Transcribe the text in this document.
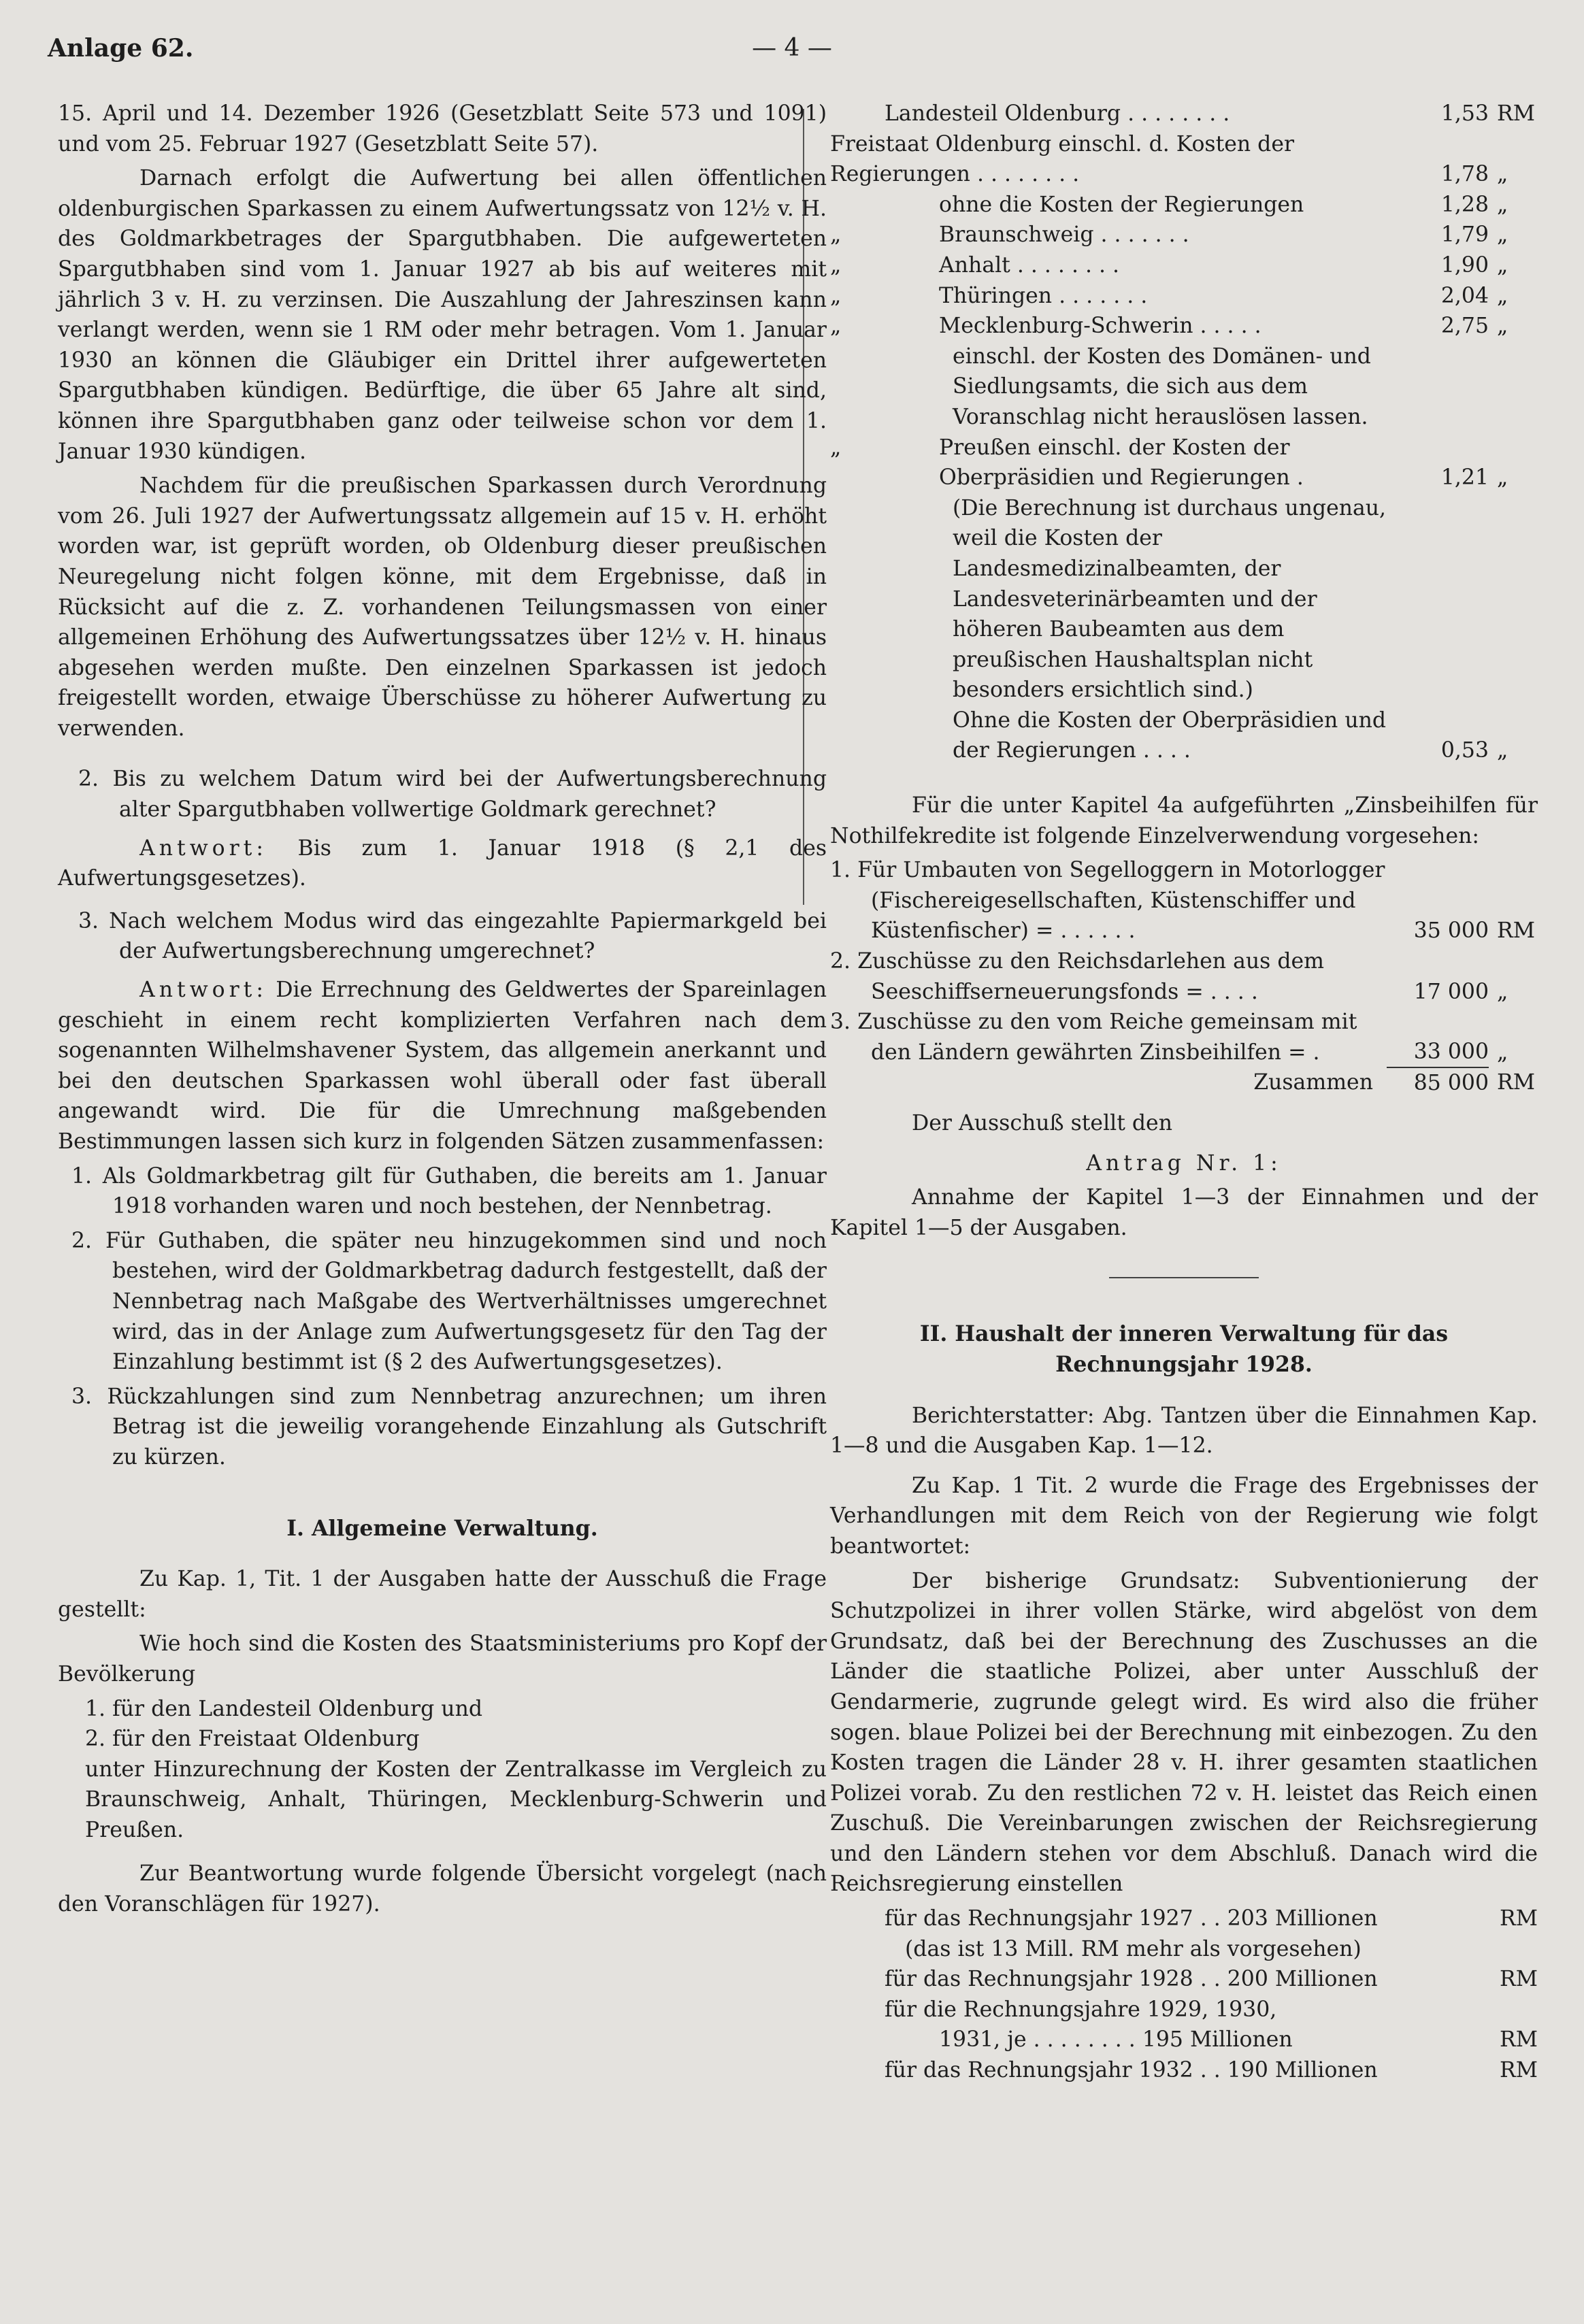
Anlage 62.	— 4 —

15. April und 14. Dezember 1926 (Gesetzblatt Seite 573 und 1091) und vom 25. Februar 1927 (Gesetzblatt Seite 57).

Darnach erfolgt die Aufwertung bei allen öffentlichen oldenburgischen Sparkassen zu einem Aufwertungssatz von 12½ v. H. des Goldmarkbetrages der Spargutbhaben. Die aufgewerteten Spargutbhaben sind vom 1. Januar 1927 ab bis auf weiteres mit jährlich 3 v. H. zu verzinsen. Die Auszahlung der Jahreszinsen kann verlangt werden, wenn sie 1 RM oder mehr betragen. Vom 1. Januar 1930 an können die Gläubiger ein Drittel ihrer aufgewerteten Spargutbhaben kündigen. Bedürftige, die über 65 Jahre alt sind, können ihre Spargutbhaben ganz oder teilweise schon vor dem 1. Januar 1930 kündigen.

Nachdem für die preußischen Sparkassen durch Verordnung vom 26. Juli 1927 der Aufwertungssatz allgemein auf 15 v. H. erhöht worden war, ist geprüft worden, ob Oldenburg dieser preußischen Neuregelung nicht folgen könne, mit dem Ergebnisse, daß in Rücksicht auf die z. Z. vorhandenen Teilungsmassen von einer allgemeinen Erhöhung des Aufwertungssatzes über 12½ v. H. hinaus abgesehen werden mußte. Den einzelnen Sparkassen ist jedoch freigestellt worden, etwaige Überschüsse zu höherer Aufwertung zu verwenden.

2. Bis zu welchem Datum wird bei der Aufwertungsberechnung alter Spargutbhaben vollwertige Goldmark gerechnet?

Antwort: Bis zum 1. Januar 1918 (§ 2,1 des Aufwertungsgesetzes).

3. Nach welchem Modus wird das eingezahlte Papiermarkgeld bei der Aufwertungsberechnung umgerechnet?

Antwort: Die Errechnung des Geldwertes der Spareinlagen geschieht in einem recht komplizierten Verfahren nach dem sogenannten Wilhelmshavener System, das allgemein anerkannt und bei den deutschen Sparkassen wohl überall oder fast überall angewandt wird. Die für die Umrechnung maßgebenden Bestimmungen lassen sich kurz in folgenden Sätzen zusammenfassen:

1. Als Goldmarkbetrag gilt für Guthaben, die bereits am 1. Januar 1918 vorhanden waren und noch bestehen, der Nennbetrag.

2. Für Guthaben, die später neu hinzugekommen sind und noch bestehen, wird der Goldmarkbetrag dadurch festgestellt, daß der Nennbetrag nach Maßgabe des Wertverhältnisses umgerechnet wird, das in der Anlage zum Aufwertungsgesetz für den Tag der Einzahlung bestimmt ist (§ 2 des Aufwertungsgesetzes).

3. Rückzahlungen sind zum Nennbetrag anzurechnen; um ihren Betrag ist die jeweilig vorangehende Einzahlung als Gutschrift zu kürzen.

I. Allgemeine Verwaltung.

Zu Kap. 1, Tit. 1 der Ausgaben hatte der Ausschuß die Frage gestellt:

Wie hoch sind die Kosten des Staatsministeriums pro Kopf der Bevölkerung

1. für den Landesteil Oldenburg und

2. für den Freistaat Oldenburg

unter Hinzurechnung der Kosten der Zentralkasse im Vergleich zu Braunschweig, Anhalt, Thüringen, Mecklenburg-Schwerin und Preußen.

Zur Beantwortung wurde folgende Übersicht vorgelegt (nach den Voranschlägen für 1927).

	Landesteil Oldenburg . . . . . . . .	1,53	RM
Freistaat Oldenburg einschl. d. Kosten der Regierungen . . . . . . . .		1,78	„
	ohne die Kosten der Regierungen	1,28	„
„	Braunschweig . . . . . . .	1,79	„
„	Anhalt . . . . . . . .	1,90	„
„	Thüringen . . . . . . .	2,04	„
„	Mecklenburg-Schwerin . . . . .	2,75	„
	einschl. der Kosten des Domänen- und Siedlungsamts, die sich aus dem Voranschlag nicht herauslösen lassen.		
„	Preußen einschl. der Kosten der Oberpräsidien und Regierungen .	1,21	„
	(Die Berechnung ist durchaus ungenau, weil die Kosten der Landesmedizinalbeamten, der Landesveterinärbeamten und der höheren Baubeamten aus dem preußischen Haushaltsplan nicht besonders ersichtlich sind.)		
	Ohne die Kosten der Oberpräsidien und der Regierungen . . . .	0,53	„

Für die unter Kapitel 4a aufgeführten „Zinsbeihilfen für Nothilfekredite ist folgende Einzelverwendung vorgesehen:

1. Für Umbauten von Segelloggern in Motorlogger (Fischereigesellschaften, Küstenschiffer und Küstenfischer) = . . . . . .	35 000	RM
2. Zuschüsse zu den Reichsdarlehen aus dem Seeschiffserneuerungsfonds = . . . .	17 000	„
3. Zuschüsse zu den vom Reiche gemeinsam mit den Ländern gewährten Zinsbeihilfen = .	33 000	„
Zusammen	85 000	RM

Der Ausschuß stellt den

Antrag Nr. 1:

Annahme der Kapitel 1—3 der Einnahmen und der Kapitel 1—5 der Ausgaben.

II. Haushalt der inneren Verwaltung für das Rechnungsjahr 1928.

Berichterstatter: Abg. Tantzen über die Einnahmen Kap. 1—8 und die Ausgaben Kap. 1—12.

Zu Kap. 1 Tit. 2 wurde die Frage des Ergebnisses der Verhandlungen mit dem Reich von der Regierung wie folgt beantwortet:

Der bisherige Grundsatz: Subventionierung der Schutzpolizei in ihrer vollen Stärke, wird abgelöst von dem Grundsatz, daß bei der Berechnung des Zuschusses an die Länder die staatliche Polizei, aber unter Ausschluß der Gendarmerie, zugrunde gelegt wird. Es wird also die früher sogen. blaue Polizei bei der Berechnung mit einbezogen. Zu den Kosten tragen die Länder 28 v. H. ihrer gesamten staatlichen Polizei vorab. Zu den restlichen 72 v. H. leistet das Reich einen Zuschuß. Die Vereinbarungen zwischen der Reichsregierung und den Ländern stehen vor dem Abschluß. Danach wird die Reichsregierung einstellen

für das Rechnungsjahr 1927 . . 203 Millionen	RM
(das ist 13 Mill. RM mehr als vorgesehen)	
für das Rechnungsjahr 1928 . . 200 Millionen	RM
für die Rechnungsjahre 1929, 1930,	
1931, je . . . . . . . . 195 Millionen	RM
für das Rechnungsjahr 1932 . . 190 Millionen	RM
